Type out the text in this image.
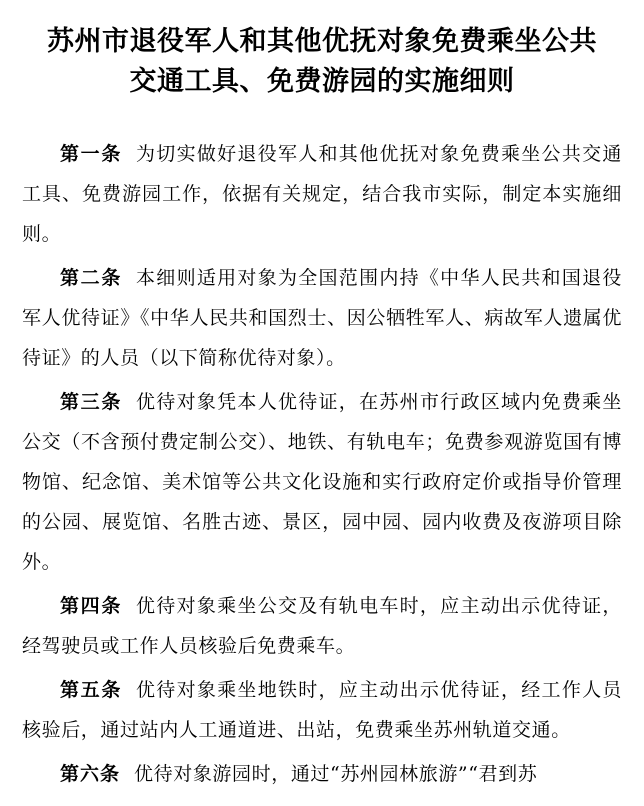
苏州市退役军人和其他优抚对象免费乘坐公共
交通工具、免费游园的实施细则

第一条 为切实做好退役军人和其他优抚对象免费乘坐公共交通工具、免费游园工作，依据有关规定，结合我市实际，制定本实施细则。

第二条 本细则适用对象为全国范围内持《中华人民共和国退役军人优待证》《中华人民共和国烈士、因公牺牲军人、病故军人遗属优待证》的人员（以下简称优待对象）。

第三条 优待对象凭本人优待证，在苏州市行政区域内免费乘坐公交（不含预付费定制公交）、地铁、有轨电车；免费参观游览国有博物馆、纪念馆、美术馆等公共文化设施和实行政府定价或指导价管理的公园、展览馆、名胜古迹、景区，园中园、园内收费及夜游项目除外。

第四条 优待对象乘坐公交及有轨电车时，应主动出示优待证，经驾驶员或工作人员核验后免费乘车。

第五条 优待对象乘坐地铁时，应主动出示优待证，经工作人员核验后，通过站内人工通道进、出站，免费乘坐苏州轨道交通。

第六条 优待对象游园时，通过“苏州园林旅游”“君到苏
